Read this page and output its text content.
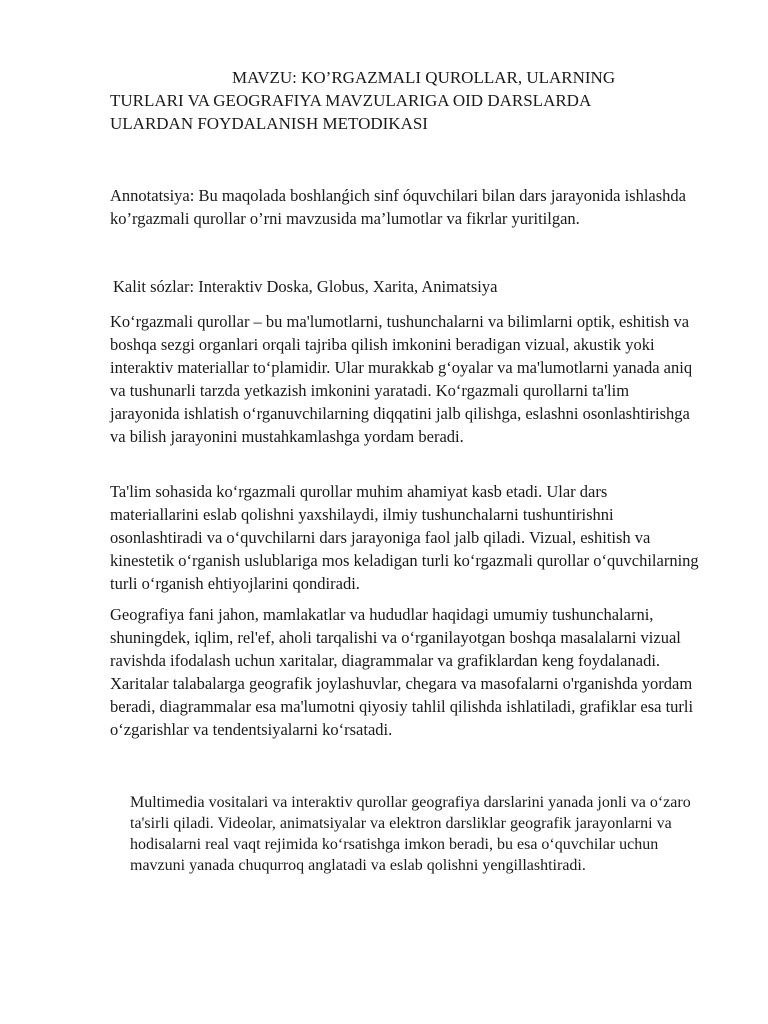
MAVZU: KO’RGAZMALI QUROLLAR, ULARNING
TURLARI VA GEOGRAFIYA MAVZULARIGA OID DARSLARDA
ULARDAN FOYDALANISH METODIKASI

Annotatsiya: Bu maqolada boshlanǵich sinf óquvchilari bilan dars jarayonida ishlashda ko’rgazmali qurollar o’rni mavzusida ma’lumotlar va fikrlar yuritilgan.

Kalit sózlar: Interaktiv Doska, Globus, Xarita, Animatsiya

Ko‘rgazmali qurollar – bu ma'lumotlarni, tushunchalarni va bilimlarni optik, eshitish va boshqa sezgi organlari orqali tajriba qilish imkonini beradigan vizual, akustik yoki interaktiv materiallar to‘plamidir. Ular murakkab g‘oyalar va ma'lumotlarni yanada aniq va tushunarli tarzda yetkazish imkonini yaratadi. Ko‘rgazmali qurollarni ta'lim jarayonida ishlatish o‘rganuvchilarning diqqatini jalb qilishga, eslashni osonlashtirishga va bilish jarayonini mustahkamlashga yordam beradi.

Ta'lim sohasida ko‘rgazmali qurollar muhim ahamiyat kasb etadi. Ular dars materiallarini eslab qolishni yaxshilaydi, ilmiy tushunchalarni tushuntirishni osonlashtiradi va o‘quvchilarni dars jarayoniga faol jalb qiladi. Vizual, eshitish va kinestetik o‘rganish uslublariga mos keladigan turli ko‘rgazmali qurollar o‘quvchilarning turli o‘rganish ehtiyojlarini qondiradi.

Geografiya fani jahon, mamlakatlar va hududlar haqidagi umumiy tushunchalarni, shuningdek, iqlim, rel'ef, aholi tarqalishi va o‘rganilayotgan boshqa masalalarni vizual ravishda ifodalash uchun xaritalar, diagrammalar va grafiklardan keng foydalanadi. Xaritalar talabalarga geografik joylashuvlar, chegara va masofalarni o'rganishda yordam beradi, diagrammalar esa ma'lumotni qiyosiy tahlil qilishda ishlatiladi, grafiklar esa turli o‘zgarishlar va tendentsiyalarni ko‘rsatadi.

Multimedia vositalari va interaktiv qurollar geografiya darslarini yanada jonli va o‘zaro ta'sirli qiladi. Videolar, animatsiyalar va elektron darsliklar geografik jarayonlarni va hodisalarni real vaqt rejimida ko‘rsatishga imkon beradi, bu esa o‘quvchilar uchun mavzuni yanada chuqurroq anglatadi va eslab qolishni yengillashtiradi.
